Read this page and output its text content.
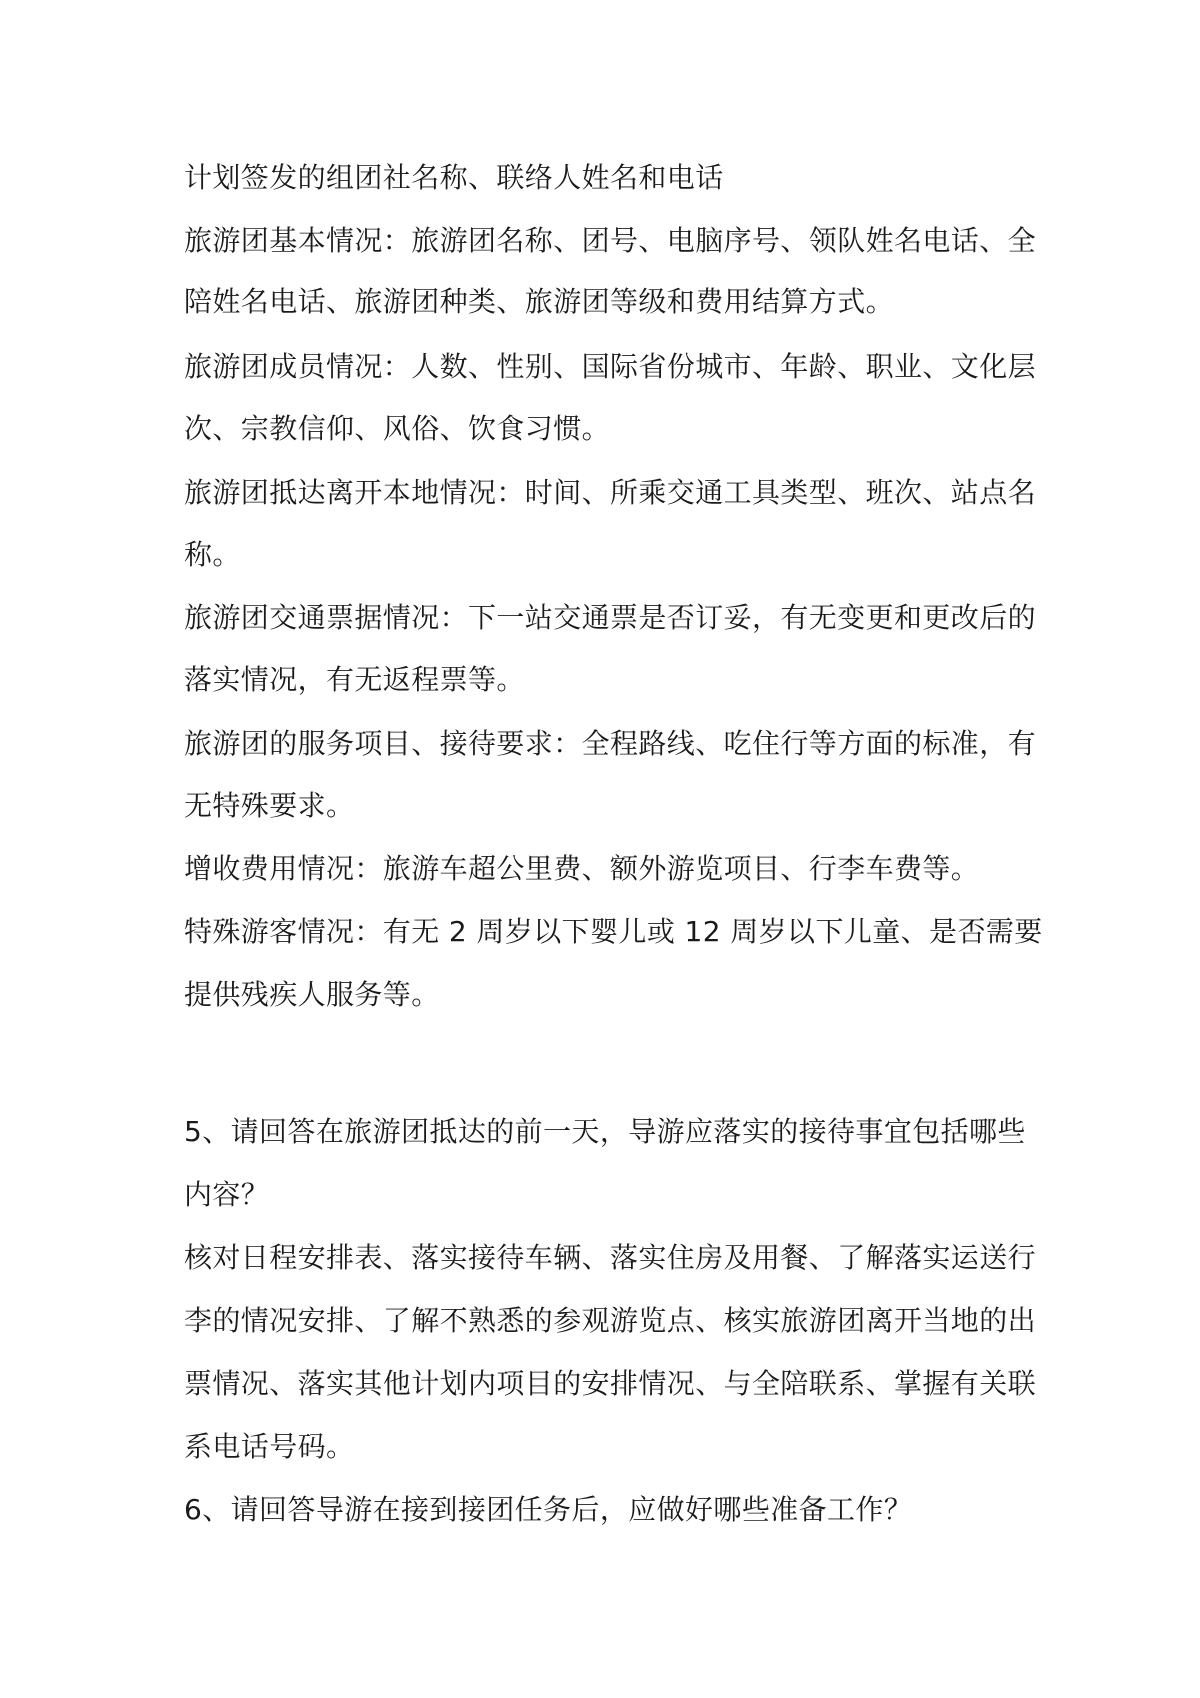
计划签发的组团社名称、联络人姓名和电话
旅游团基本情况：旅游团名称、团号、电脑序号、领队姓名电话、全
陪姓名电话、旅游团种类、旅游团等级和费用结算方式。
旅游团成员情况：人数、性别、国际省份城市、年龄、职业、文化层
次、宗教信仰、风俗、饮食习惯。
旅游团抵达离开本地情况：时间、所乘交通工具类型、班次、站点名
称。
旅游团交通票据情况：下一站交通票是否订妥，有无变更和更改后的
落实情况，有无返程票等。
旅游团的服务项目、接待要求：全程路线、吃住行等方面的标准，有
无特殊要求。
增收费用情况：旅游车超公里费、额外游览项目、行李车费等。
特殊游客情况：有无 2 周岁以下婴儿或 12 周岁以下儿童、是否需要
提供残疾人服务等。
5、请回答在旅游团抵达的前一天，导游应落实的接待事宜包括哪些
内容？
核对日程安排表、落实接待车辆、落实住房及用餐、了解落实运送行
李的情况安排、了解不熟悉的参观游览点、核实旅游团离开当地的出
票情况、落实其他计划内项目的安排情况、与全陪联系、掌握有关联
系电话号码。
6、请回答导游在接到接团任务后，应做好哪些准备工作？
